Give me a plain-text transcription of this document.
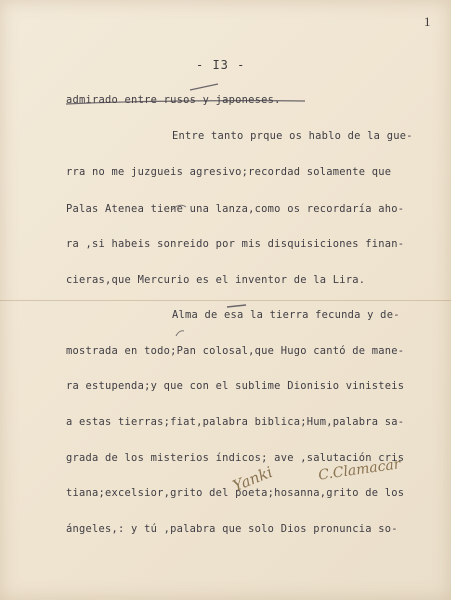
1
- I3 -
admirado entre rusos y japoneses.
Entre tanto prque os hablo de la gue-
rra no me juzgueis agresivo;recordad solamente que
Palas Atenea tiene una lanza,como os recordaría aho-
ra ,si habeis sonreido por mis disquisiciones finan-
cieras,que Mercurio es el inventor de la Lira.
Alma de esa la tierra fecunda y de-
mostrada en todo;Pan colosal,que Hugo cantó de mane-
ra estupenda;y que con el sublime Dionisio vinisteis
a estas tierras;fiat,palabra biblica;Hum,palabra sa-
grada de los misterios índicos; ave ,salutación cris
tiana;excelsior,grito del poeta;hosanna,grito de los
ángeles,: y tú ,palabra que solo Dios pronuncia so-
Yanki	C.Clamacar
